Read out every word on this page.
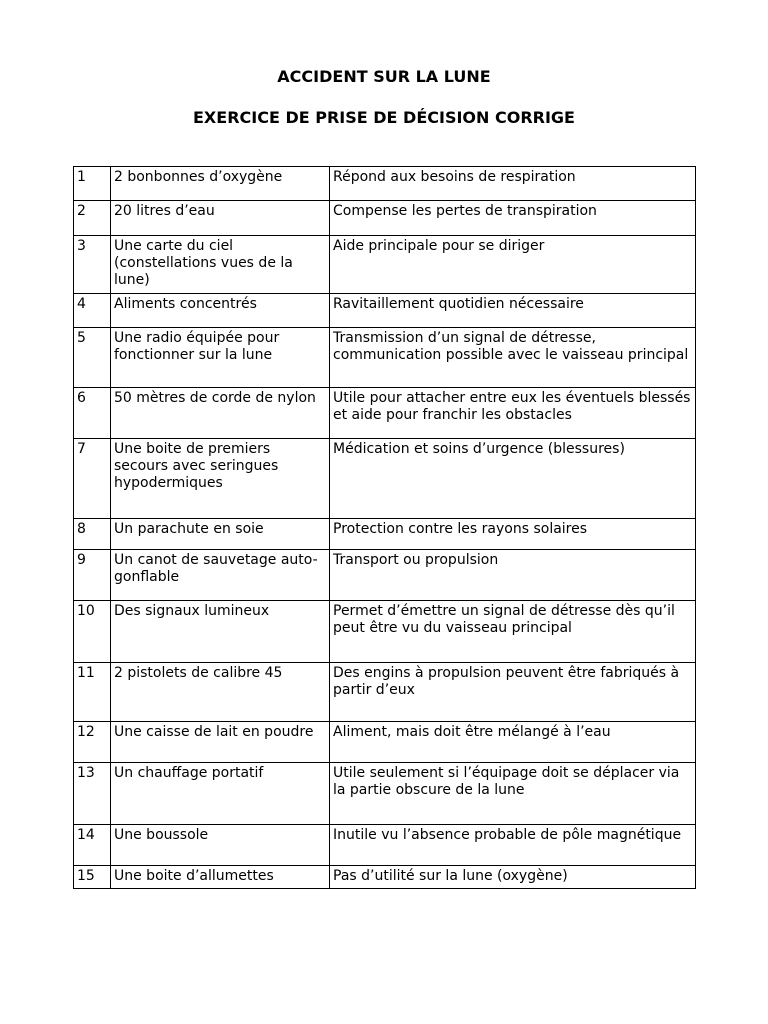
ACCIDENT SUR LA LUNE
EXERCICE DE PRISE DE DÉCISION CORRIGE
1	2 bonbonnes d’oxygène	Répond aux besoins de respiration
2	20 litres d’eau	Compense les pertes de transpiration
3	Une carte du ciel (constellations vues de la lune)	Aide principale pour se diriger
4	Aliments concentrés	Ravitaillement quotidien nécessaire
5	Une radio équipée pour fonctionner sur la lune	Transmission d’un signal de détresse, communication possible avec le vaisseau principal
6	50 mètres de corde de nylon	Utile pour attacher entre eux les éventuels blessés et aide pour franchir les obstacles
7	Une boite de premiers secours avec seringues hypodermiques	Médication et soins d’urgence (blessures)
8	Un parachute en soie	Protection contre les rayons solaires
9	Un canot de sauvetage auto-gonflable	Transport ou propulsion
10	Des signaux lumineux	Permet d’émettre un signal de détresse dès qu’il peut être vu du vaisseau principal
11	2 pistolets de calibre 45	Des engins à propulsion peuvent être fabriqués à partir d’eux
12	Une caisse de lait en poudre	Aliment, mais doit être mélangé à l’eau
13	Un chauffage portatif	Utile seulement si l’équipage doit se déplacer via la partie obscure de la lune
14	Une boussole	Inutile vu l’absence probable de pôle magnétique
15	Une boite d’allumettes	Pas d’utilité sur la lune (oxygène)
